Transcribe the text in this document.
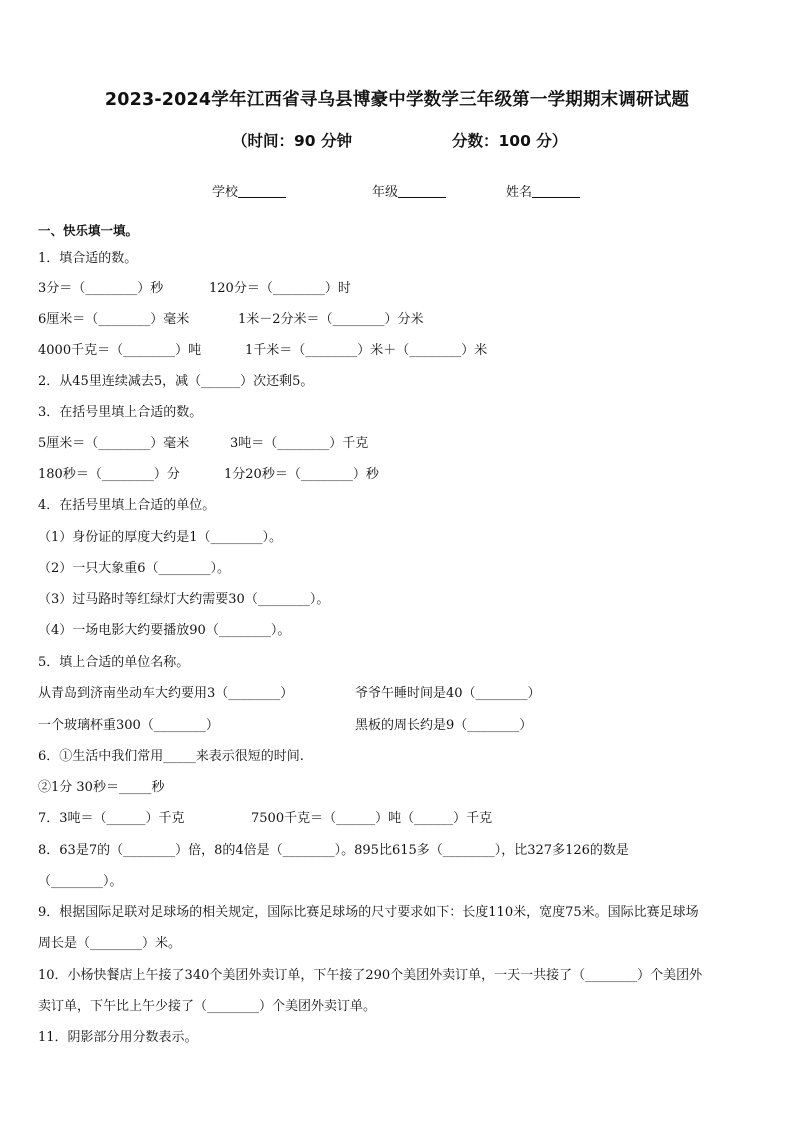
2023-2024学年江西省寻乌县博豪中学数学三年级第一学期期末调研试题
（时间：90 分钟	分数：100 分）
学校	年级	姓名
一、快乐填一填。
1．填合适的数。
3分＝（________）秒	120分＝（________）时
6厘米＝（________）毫米	1米－2分米＝（________）分米
4000千克＝（________）吨	1千米＝（________）米＋（________）米
2．从45里连续减去5，减（______）次还剩5。
3．在括号里填上合适的数。
5厘米＝（________）毫米	3吨＝（________）千克
180秒＝（________）分	1分20秒＝（________）秒
4．在括号里填上合适的单位。
（1）身份证的厚度大约是1（________）。
（2）一只大象重6（________）。
（3）过马路时等红绿灯大约需要30（________）。
（4）一场电影大约要播放90（________）。
5．填上合适的单位名称。
从青岛到济南坐动车大约要用3（________）	爷爷午睡时间是40（________）
一个玻璃杯重300（________）	黑板的周长约是9（________）
6．①生活中我们常用_____来表示很短的时间.
②1分 30秒＝_____秒
7．3吨＝（______）千克	7500千克＝（______）吨（______）千克
8．63是7的（________）倍，8的4倍是（________）。895比615多（________），比327多126的数是
（________）。
9．根据国际足联对足球场的相关规定，国际比赛足球场的尺寸要求如下：长度110米，宽度75米。国际比赛足球场
周长是（________）米。
10．小杨快餐店上午接了340个美团外卖订单，下午接了290个美团外卖订单，一天一共接了（________）个美团外
卖订单，下午比上午少接了（________）个美团外卖订单。
11．阴影部分用分数表示。
